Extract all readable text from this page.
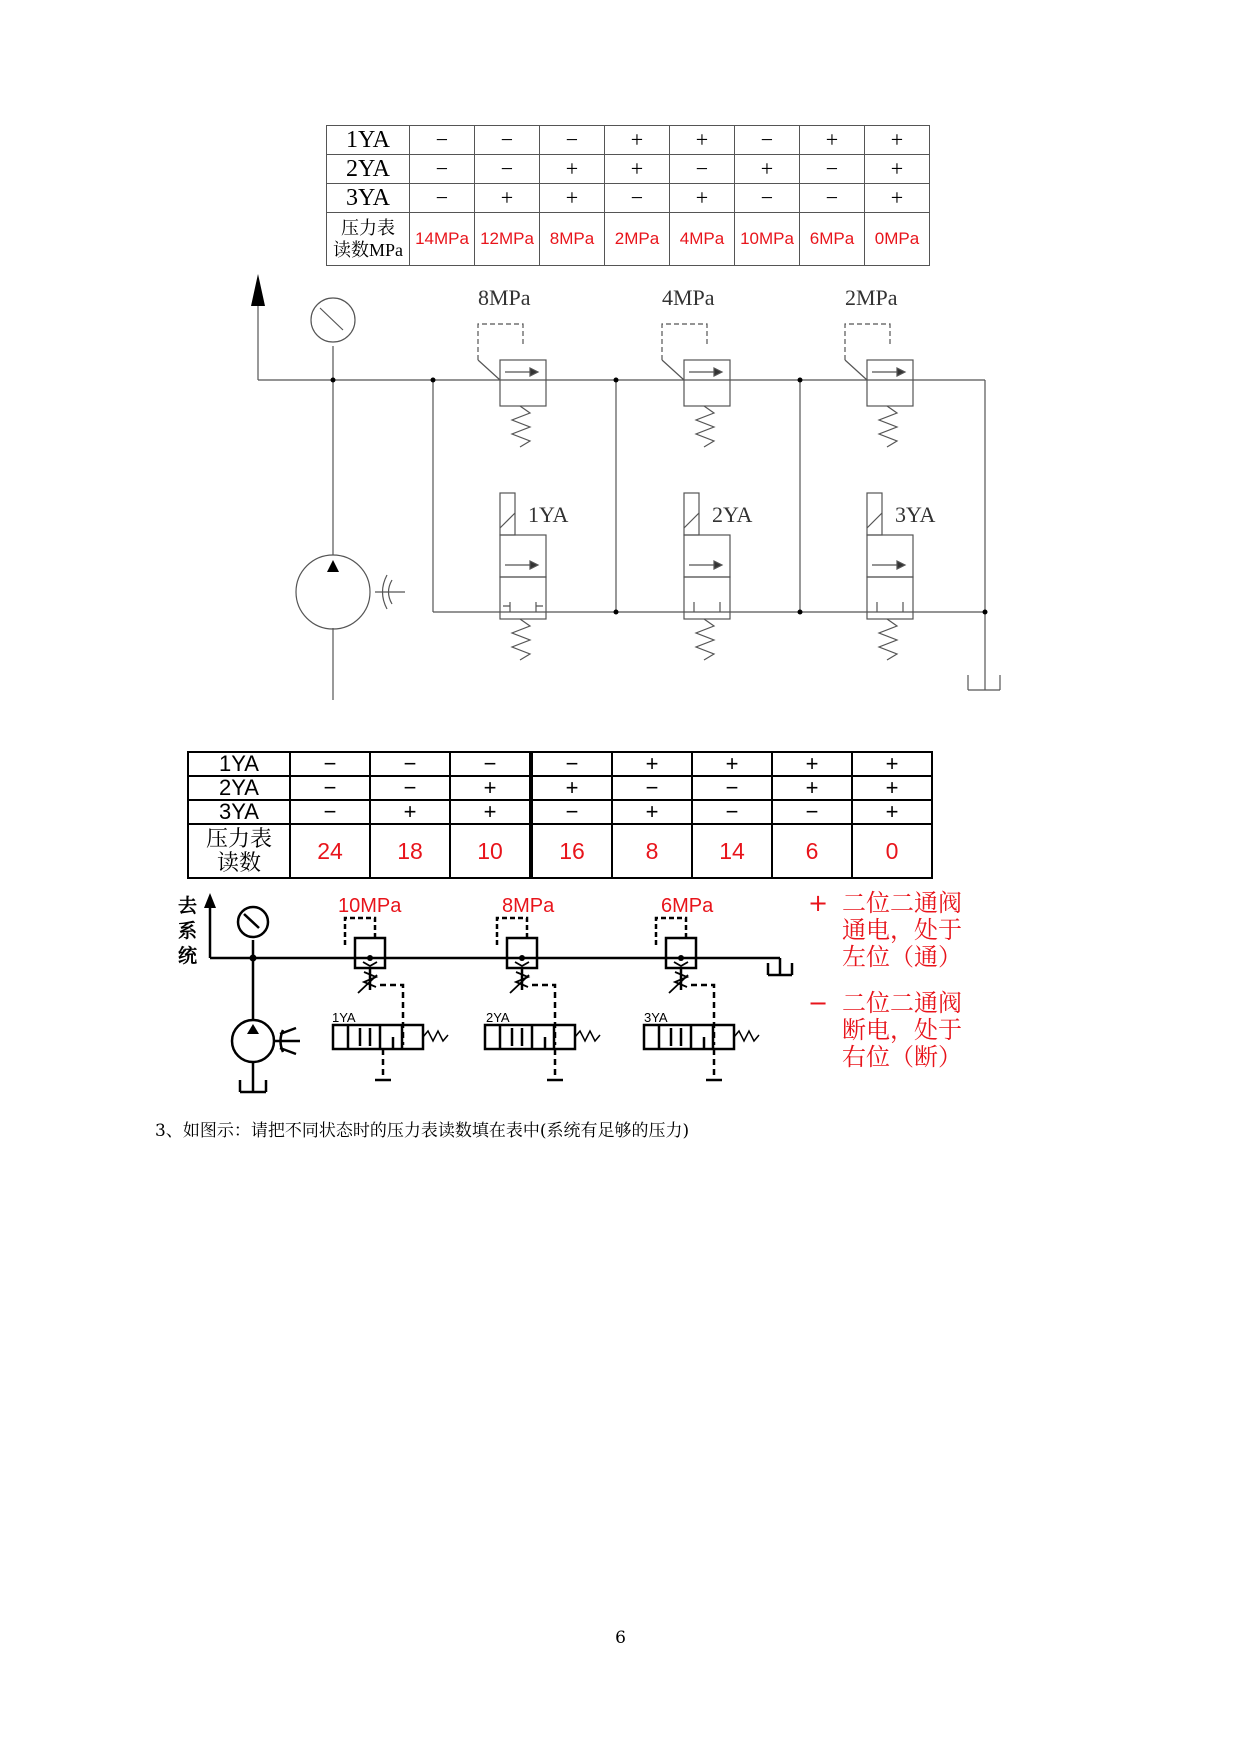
1YA	−	−	−	+	+	−	+	+
2YA	−	−	+	+	−	+	−	+
3YA	−	+	+	−	+	−	−	+

压力表
读数MPa	14MPa	12MPa	8MPa	2MPa	4MPa	10MPa	6MPa	0MPa
8MPa	4MPa	2MPa
1YA	2YA	3YA
1YA	−	−	−	−	+	+	+	+
2YA	−	−	+	+	−	−	+	+
3YA	−	+	+	−	+	−	−	+

压力表
读数	24	18	10	16	8	14	6	0
去
系
统
10MPa	8MPa	6MPa
1YA	2YA	3YA
+ 二位二通阀
通电，处于
左位（通）
− 二位二通阀
断电，处于
右位（断）
3、如图示：请把不同状态时的压力表读数填在表中(系统有足够的压力)
6
